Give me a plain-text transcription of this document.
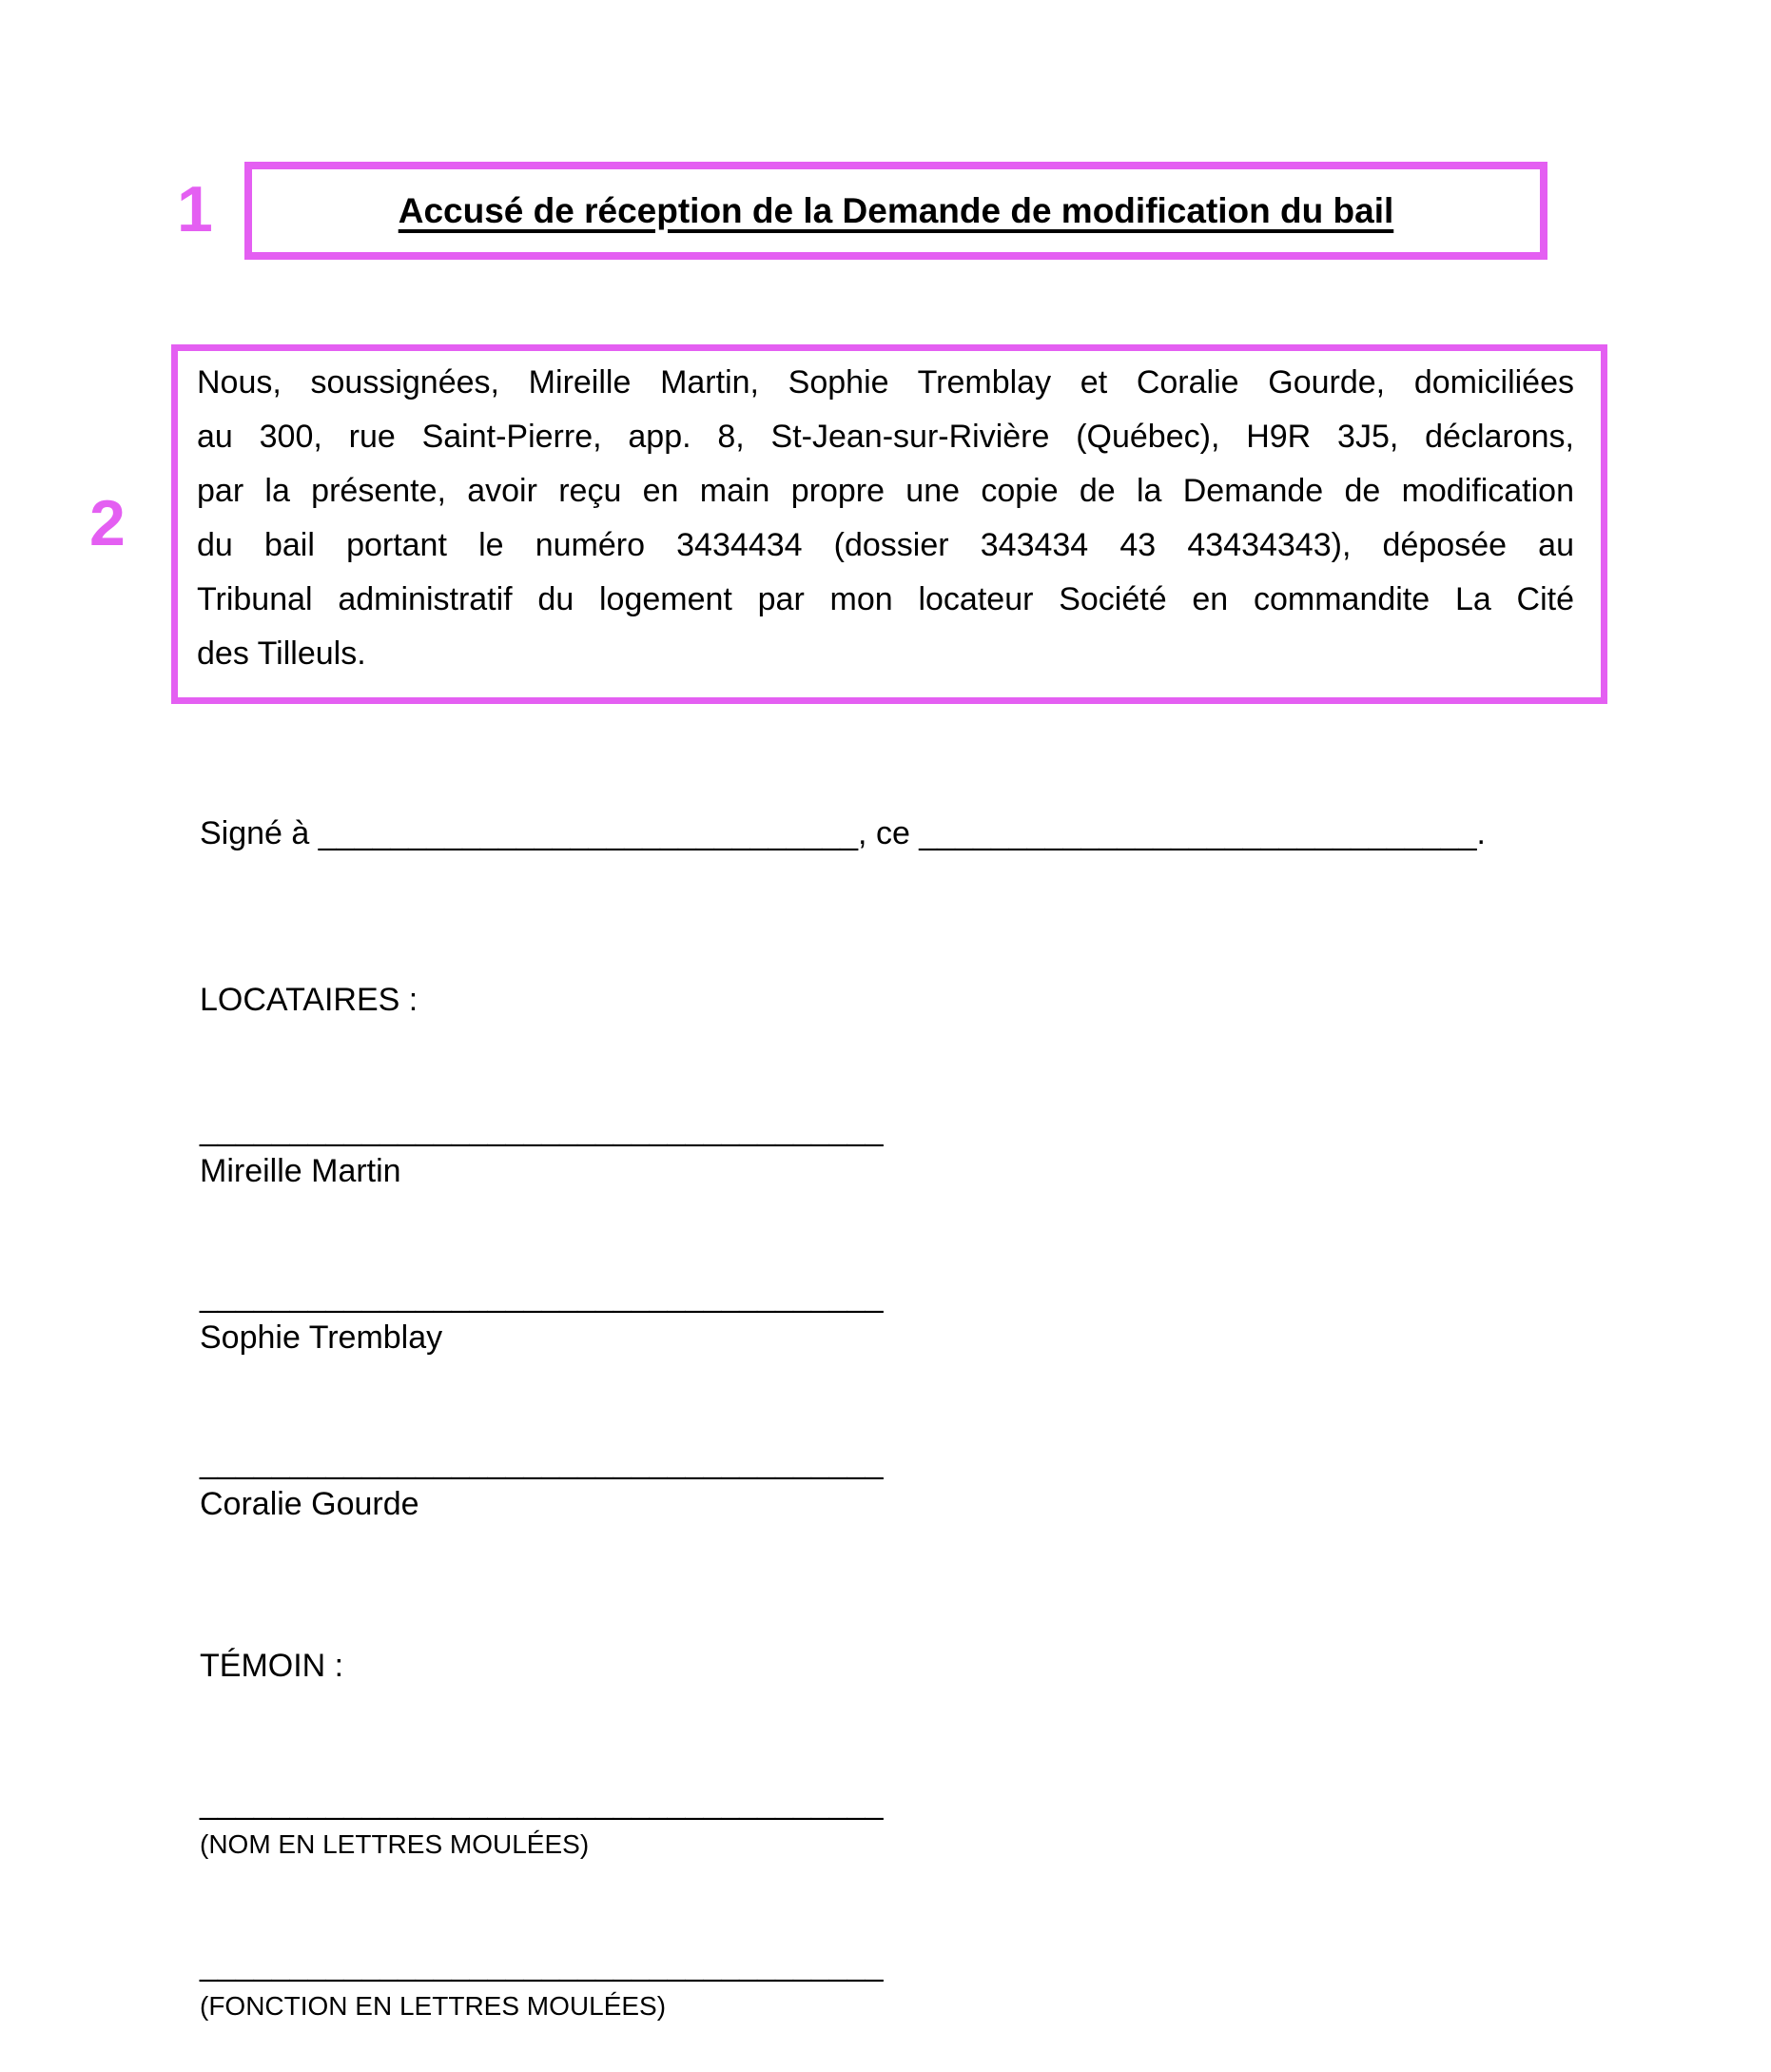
1	Accusé de réception de la Demande de modification du bail
2
Nous, soussignées, Mireille Martin, Sophie Tremblay et Coralie Gourde, domiciliées
au 300, rue Saint-Pierre, app. 8, St-Jean-sur-Rivière (Québec), H9R 3J5, déclarons,
par la présente, avoir reçu en main propre une copie de la Demande de modification
du bail portant le numéro 3434434 (dossier 343434 43 43434343), déposée au
Tribunal administratif du logement par mon locateur Société en commandite La Cité
des Tilleuls.
Signé à ______________________________, ce _______________________________.
LOCATAIRES :
______________________________________
Mireille Martin
______________________________________
Sophie Tremblay
______________________________________
Coralie Gourde
TÉMOIN :
______________________________________
(NOM EN LETTRES MOULÉES)
______________________________________
(FONCTION EN LETTRES MOULÉES)
